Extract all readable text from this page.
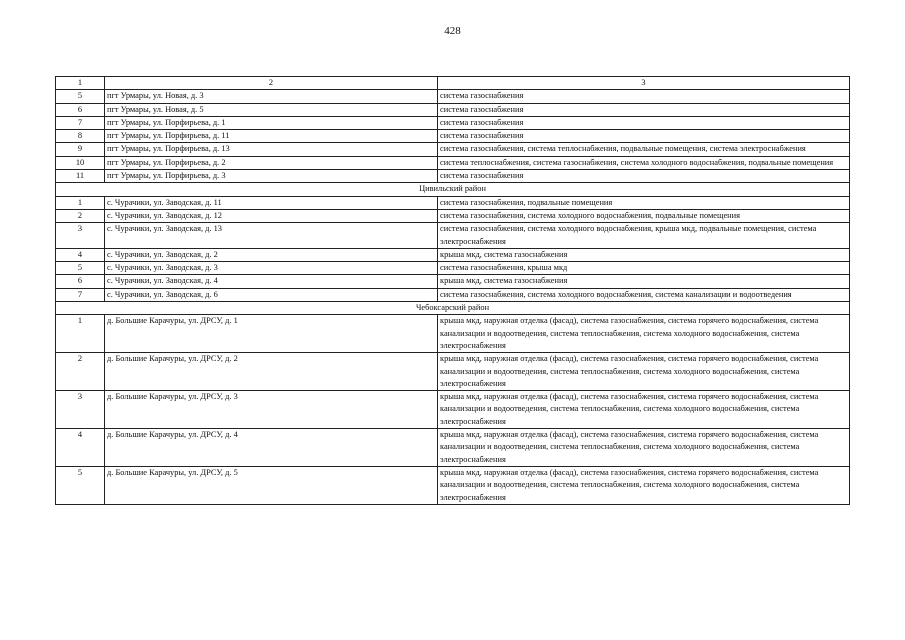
428
1	2	3
5	пгт Урмары, ул. Новая, д. 3	система газоснабжения
6	пгт Урмары, ул. Новая, д. 5	система газоснабжения
7	пгт Урмары, ул. Порфирьева, д. 1	система газоснабжения
8	пгт Урмары, ул. Порфирьева, д. 11	система газоснабжения
9	пгт Урмары, ул. Порфирьева, д. 13	система газоснабжения, система теплоснабжения, подвальные помещения, система электроснабжения
10	пгт Урмары, ул. Порфирьева, д. 2	система теплоснабжения, система газоснабжения, система холодного водоснабжения, подвальные помещения
11	пгт Урмары, ул. Порфирьева, д. 3	система газоснабжения
Цивильский район		
1	с. Чурачики, ул. Заводская, д. 11	система газоснабжения, подвальные помещения
2	с. Чурачики, ул. Заводская, д. 12	система газоснабжения, система холодного водоснабжения, подвальные помещения
3	с. Чурачики, ул. Заводская, д. 13	система газоснабжения, система холодного водоснабжения, крыша мкд, подвальные помещения, система электроснабжения
4	с. Чурачики, ул. Заводская, д. 2	крыша мкд, система газоснабжения
5	с. Чурачики, ул. Заводская, д. 3	система газоснабжения, крыша мкд
6	с. Чурачики, ул. Заводская, д. 4	крыша мкд, система газоснабжения
7	с. Чурачики, ул. Заводская, д. 6	система газоснабжения, система холодного водоснабжения, система канализации и водоотведения
Чебоксарский район		
1	д. Большие Карачуры, ул. ДРСУ, д. 1	крыша мкд, наружная отделка (фасад), система газоснабжения, система горячего водоснабжения, система канализации и водоотведения, система теплоснабжения, система холодного водоснабжения, система электроснабжения
2	д. Большие Карачуры, ул. ДРСУ, д. 2	крыша мкд, наружная отделка (фасад), система газоснабжения, система горячего водоснабжения, система канализации и водоотведения, система теплоснабжения, система холодного водоснабжения, система электроснабжения
3	д. Большие Карачуры, ул. ДРСУ, д. 3	крыша мкд, наружная отделка (фасад), система газоснабжения, система горячего водоснабжения, система канализации и водоотведения, система теплоснабжения, система холодного водоснабжения, система электроснабжения
4	д. Большие Карачуры, ул. ДРСУ, д. 4	крыша мкд, наружная отделка (фасад), система газоснабжения, система горячего водоснабжения, система канализации и водоотведения, система теплоснабжения, система холодного водоснабжения, система электроснабжения
5	д. Большие Карачуры, ул. ДРСУ, д. 5	крыша мкд, наружная отделка (фасад), система газоснабжения, система горячего водоснабжения, система канализации и водоотведения, система теплоснабжения, система холодного водоснабжения, система электроснабжения
